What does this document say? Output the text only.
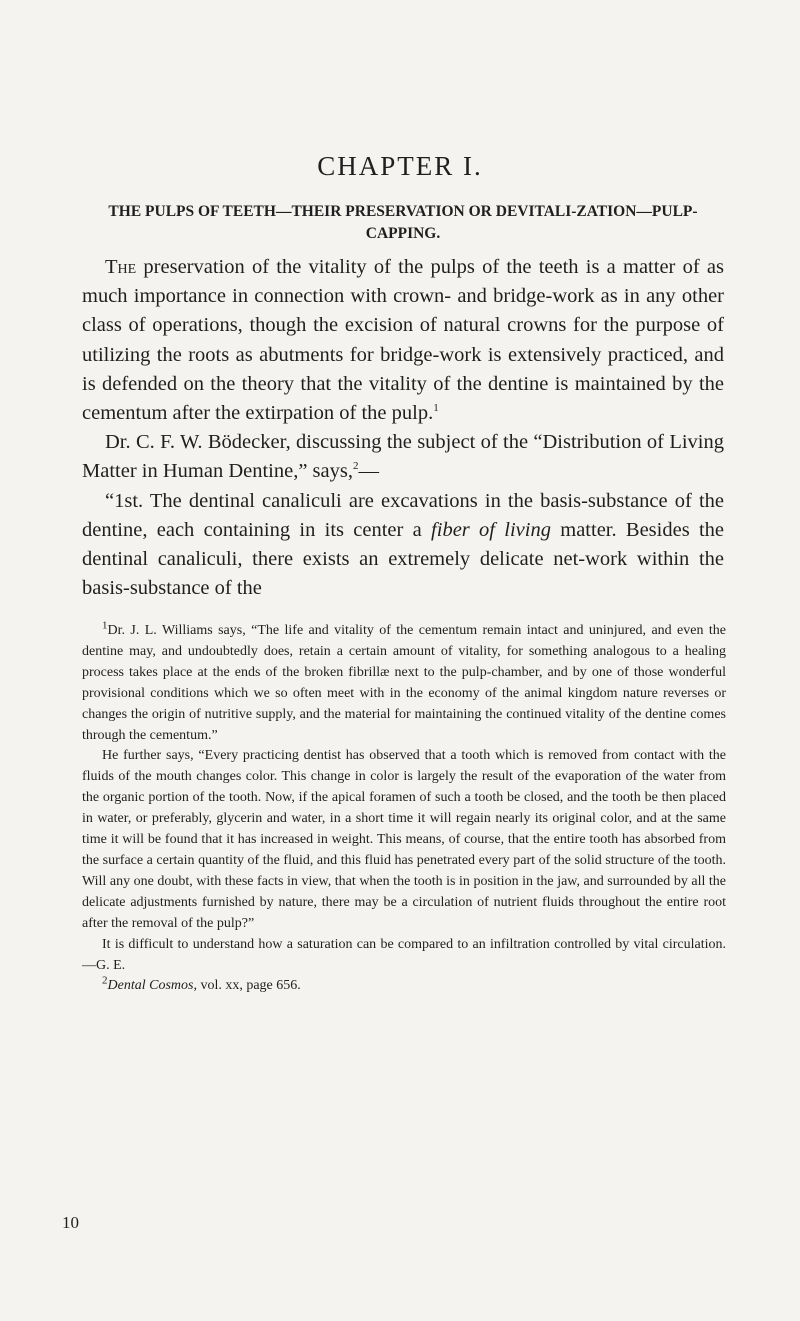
CHAPTER I.
THE PULPS OF TEETH—THEIR PRESERVATION OR DEVITALI-ZATION—PULP-CAPPING.

The preservation of the vitality of the pulps of the teeth is a matter of as much importance in connection with crown- and bridge-work as in any other class of operations, though the excision of natural crowns for the purpose of utilizing the roots as abutments for bridge-work is extensively practiced, and is defended on the theory that the vitality of the dentine is maintained by the cementum after the extirpation of the pulp.$^1$

Dr. C. F. W. Bödecker, discussing the subject of the “Distribution of Living Matter in Human Dentine,” says,$^2$—

“1st. The dentinal canaliculi are excavations in the basis-substance of the dentine, each containing in its center a fiber of living matter. Besides the dentinal canaliculi, there exists an extremely delicate net-work within the basis-substance of the

$^1$Dr. J. L. Williams says, “The life and vitality of the cementum remain intact and uninjured, and even the dentine may, and undoubtedly does, retain a certain amount of vitality, for something analogous to a healing process takes place at the ends of the broken fibrillæ next to the pulp-chamber, and by one of those wonderful provisional conditions which we so often meet with in the economy of the animal kingdom nature reverses or changes the origin of nutritive supply, and the material for maintaining the continued vitality of the dentine comes through the cementum.”

He further says, “Every practicing dentist has observed that a tooth which is removed from contact with the fluids of the mouth changes color. This change in color is largely the result of the evaporation of the water from the organic portion of the tooth. Now, if the apical foramen of such a tooth be closed, and the tooth be then placed in water, or preferably, glycerin and water, in a short time it will regain nearly its original color, and at the same time it will be found that it has increased in weight. This means, of course, that the entire tooth has absorbed from the surface a certain quantity of the fluid, and this fluid has penetrated every part of the solid structure of the tooth. Will any one doubt, with these facts in view, that when the tooth is in position in the jaw, and surrounded by all the delicate adjustments furnished by nature, there may be a circulation of nutrient fluids throughout the entire root after the removal of the pulp?”

It is difficult to understand how a saturation can be compared to an infiltration controlled by vital circulation.—G. E.

$^2$Dental Cosmos, vol. xx, page 656.

10
